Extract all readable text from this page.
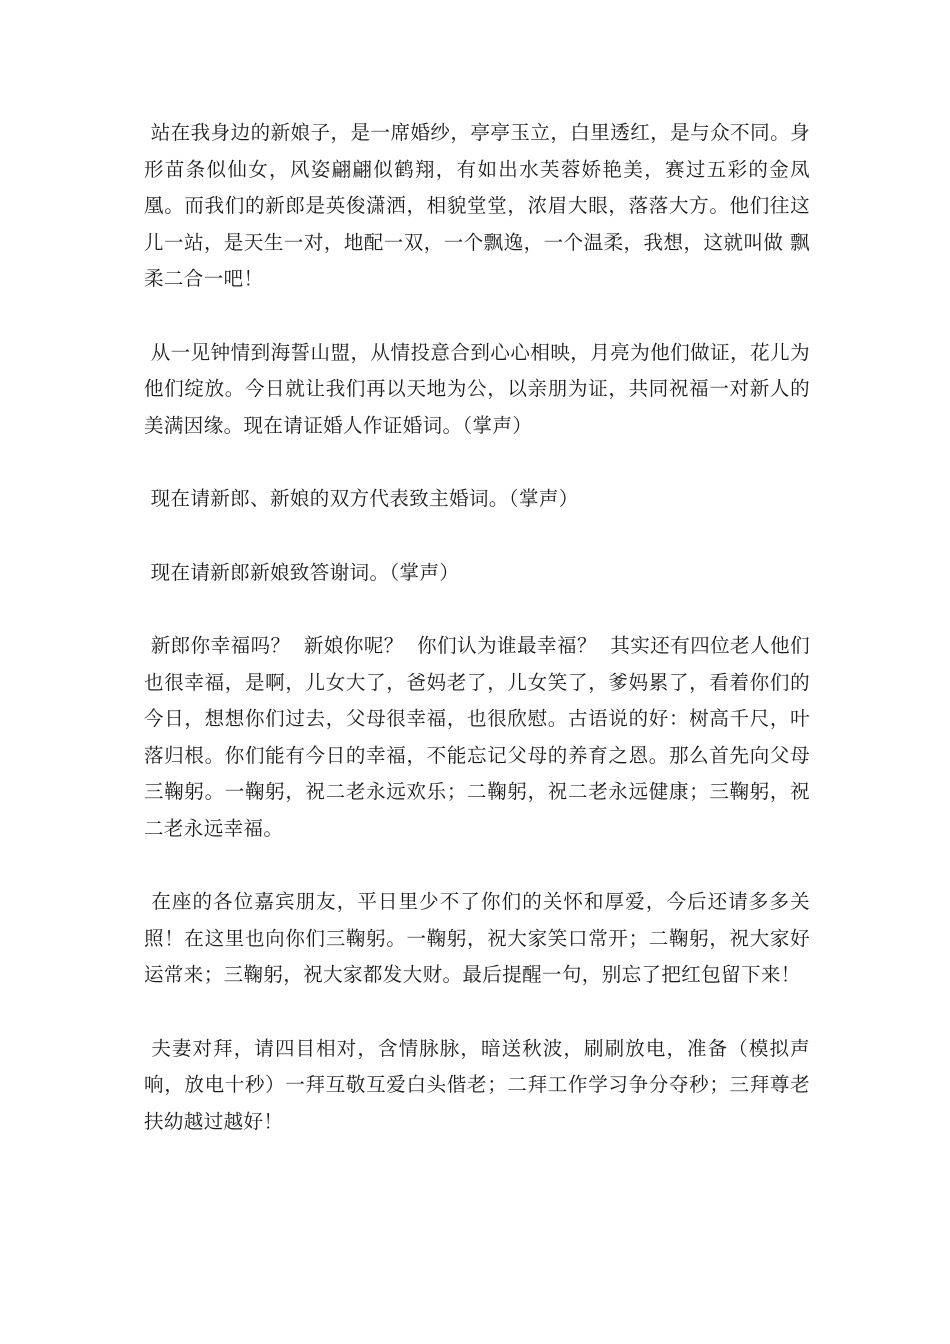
站在我身边的新娘子，是一席婚纱，亭亭玉立，白里透红，是与众不同。身形苗条似仙女，风姿翩翩似鹤翔，有如出水芙蓉娇艳美，赛过五彩的金凤凰。而我们的新郎是英俊潇洒，相貌堂堂，浓眉大眼，落落大方。他们往这儿一站，是天生一对，地配一双，一个飘逸，一个温柔，我想，这就叫做 飘柔二合一吧！

从一见钟情到海誓山盟，从情投意合到心心相映，月亮为他们做证，花儿为他们绽放。今日就让我们再以天地为公，以亲朋为证，共同祝福一对新人的美满因缘。现在请证婚人作证婚词。（掌声）

现在请新郎、新娘的双方代表致主婚词。（掌声）

现在请新郎新娘致答谢词。（掌声）

新郎你幸福吗？  新娘你呢？  你们认为谁最幸福？  其实还有四位老人他们也很幸福，是啊，儿女大了，爸妈老了，儿女笑了，爹妈累了，看着你们的今日，想想你们过去，父母很幸福，也很欣慰。古语说的好：树高千尺，叶落归根。你们能有今日的幸福，不能忘记父母的养育之恩。那么首先向父母三鞠躬。一鞠躬，祝二老永远欢乐；二鞠躬，祝二老永远健康；三鞠躬，祝二老永远幸福。

在座的各位嘉宾朋友，平日里少不了你们的关怀和厚爱，今后还请多多关照！在这里也向你们三鞠躬。一鞠躬，祝大家笑口常开；二鞠躬，祝大家好运常来；三鞠躬，祝大家都发大财。最后提醒一句，别忘了把红包留下来！

夫妻对拜，请四目相对，含情脉脉，暗送秋波，刷刷放电，准备（模拟声响，放电十秒）一拜互敬互爱白头偕老；二拜工作学习争分夺秒；三拜尊老扶幼越过越好！
